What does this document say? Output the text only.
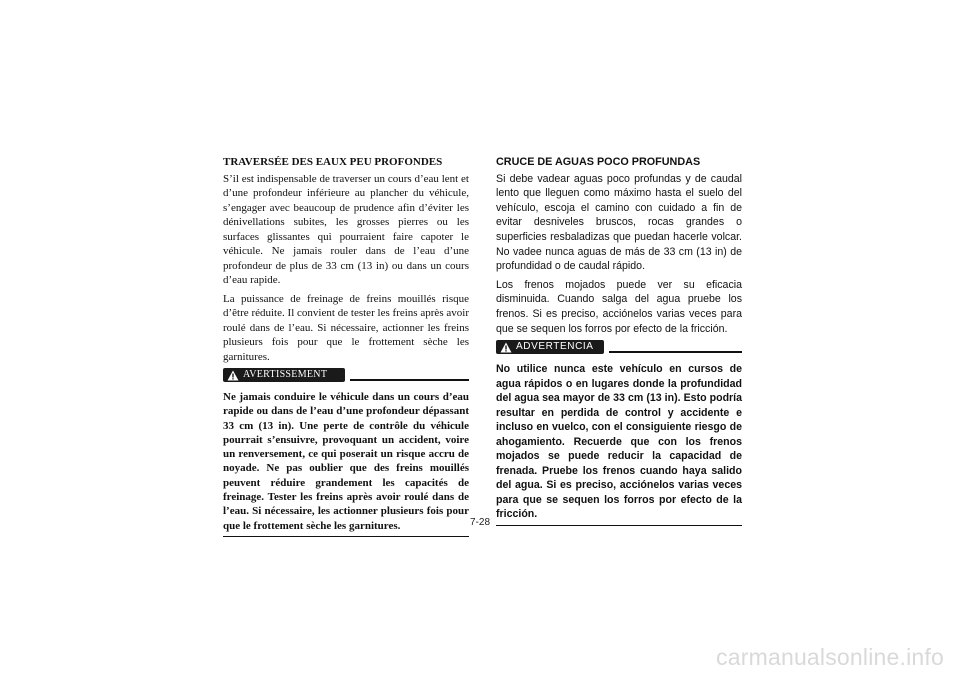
TRAVERSÉE DES EAUX PEU PROFONDES

S’il est indispensable de traverser un cours d’eau lent et d’une profondeur inférieure au plancher du véhicule, s’engager avec beaucoup de prudence afin d’éviter les dénivellations subites, les grosses pierres ou les surfaces glissantes qui pourraient faire capoter le véhicule. Ne jamais rouler dans de l’eau d’une profondeur de plus de 33 cm (13 in) ou dans un cours d’eau rapide.

La puissance de freinage de freins mouillés risque d’être réduite. Il convient de tester les freins après avoir roulé dans de l’eau. Si nécessaire, actionner les freins plusieurs fois pour que le frottement sèche les garnitures.

AVERTISSEMENT

Ne jamais conduire le véhicule dans un cours d’eau rapide ou dans de l’eau d’une profondeur dépassant 33 cm (13 in). Une perte de contrôle du véhicule pourrait s’ensuivre, provoquant un accident, voire un renversement, ce qui poserait un risque accru de noyade. Ne pas oublier que des freins mouillés peuvent réduire grandement les capacités de freinage. Tester les freins après avoir roulé dans de l’eau. Si nécessaire, les actionner plusieurs fois pour que le frottement sèche les garnitures.

CRUCE DE AGUAS POCO PROFUNDAS

Si debe vadear aguas poco profundas y de caudal lento que lleguen como máximo hasta el suelo del vehículo, escoja el camino con cuidado a fin de evitar desniveles bruscos, rocas grandes o superficies resbaladizas que puedan hacerle volcar. No vadee nunca aguas de más de 33 cm (13 in) de profundidad o de caudal rápido.

Los frenos mojados puede ver su eficacia disminuida. Cuando salga del agua pruebe los frenos. Si es preciso, acciónelos varias veces para que se sequen los forros por efecto de la fricción.

ADVERTENCIA

No utilice nunca este vehículo en cursos de agua rápidos o en lugares donde la profundidad del agua sea mayor de 33 cm (13 in). Esto podría resultar en perdida de control y accidente e incluso en vuelco, con el consiguiente riesgo de ahogamiento. Recuerde que con los frenos mojados se puede reducir la capacidad de frenada. Pruebe los frenos cuando haya salido del agua. Si es preciso, acciónelos varias veces para que se sequen los forros por efecto de la fricción.

7-28
carmanualsonline.info
